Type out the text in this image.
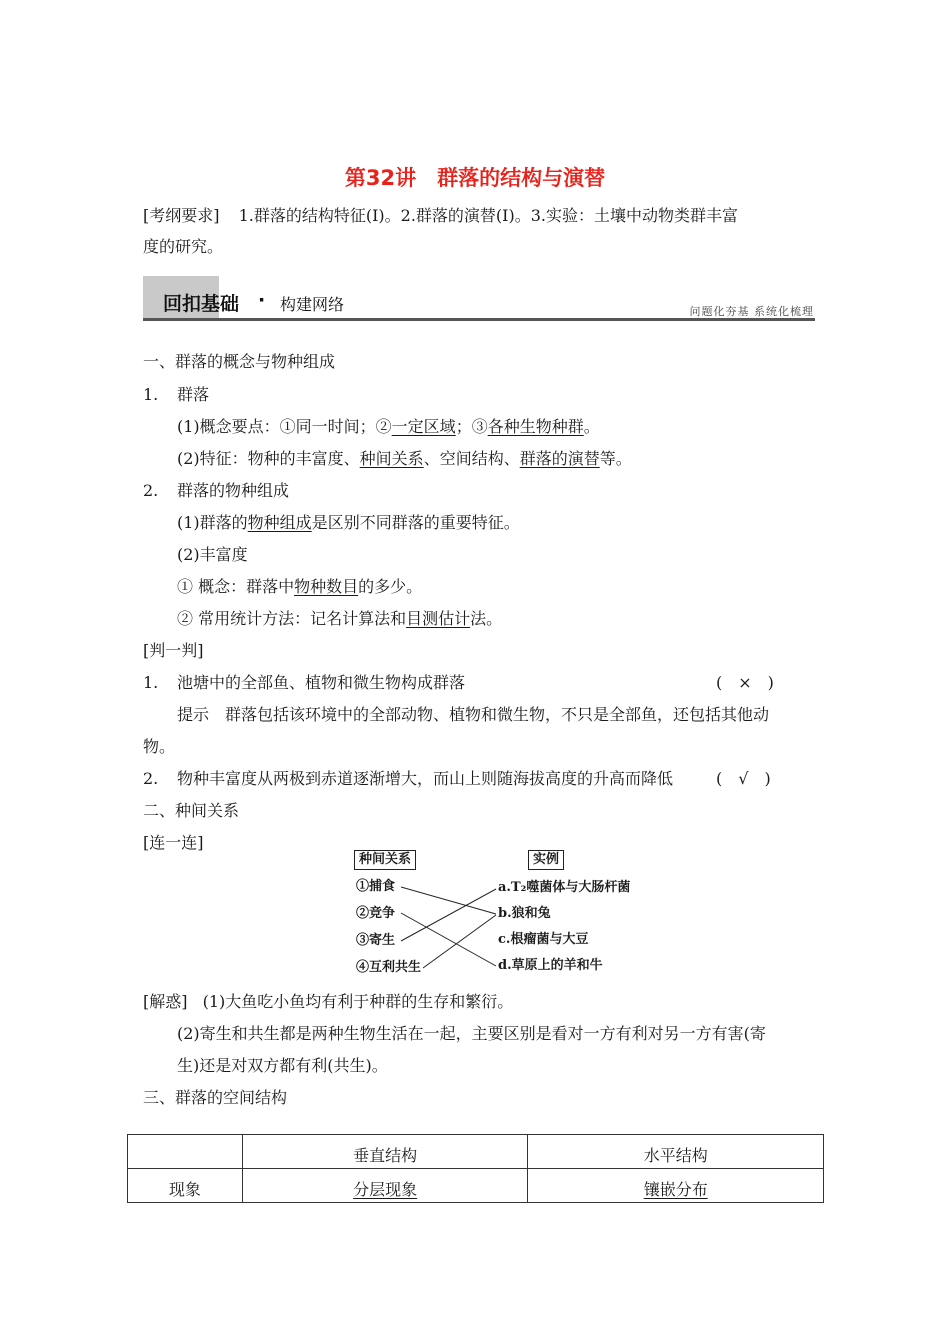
第32讲　群落的结构与演替
[考纲要求] 1.群落的结构特征(Ⅰ)。2.群落的演替(Ⅰ)。3.实验：土壤中动物类群丰富
度的研究。
回扣基础 · 构建网络	问题化夯基 系统化梳理
一、群落的概念与物种组成
1. 群落
(1)概念要点：①同一时间；②一定区域；③各种生物种群。
(2)特征：物种的丰富度、种间关系、空间结构、群落的演替等。
2. 群落的物种组成
(1)群落的物种组成是区别不同群落的重要特征。
(2)丰富度
① 概念：群落中物种数目的多少。
② 常用统计方法：记名计算法和目测估计法。
[判一判]
1. 池塘中的全部鱼、植物和微生物构成群落	(　×　)
提示　群落包括该环境中的全部动物、植物和微生物，不只是全部鱼，还包括其他动
物。
2. 物种丰富度从两极到赤道逐渐增大，而山上则随海拔高度的升高而降低	(　√　)
二、种间关系
[连一连]
种间关系	实例
①捕食
②竞争
③寄生
④互利共生
a.T₂噬菌体与大肠杆菌
b.狼和兔
c.根瘤菌与大豆
d.草原上的羊和牛
[解惑] (1)大鱼吃小鱼均有利于种群的生存和繁衍。
(2)寄生和共生都是两种生物生活在一起，主要区别是看对一方有利对另一方有害(寄
生)还是对双方都有利(共生)。
三、群落的空间结构
	垂直结构	水平结构
现象	分层现象	镶嵌分布
